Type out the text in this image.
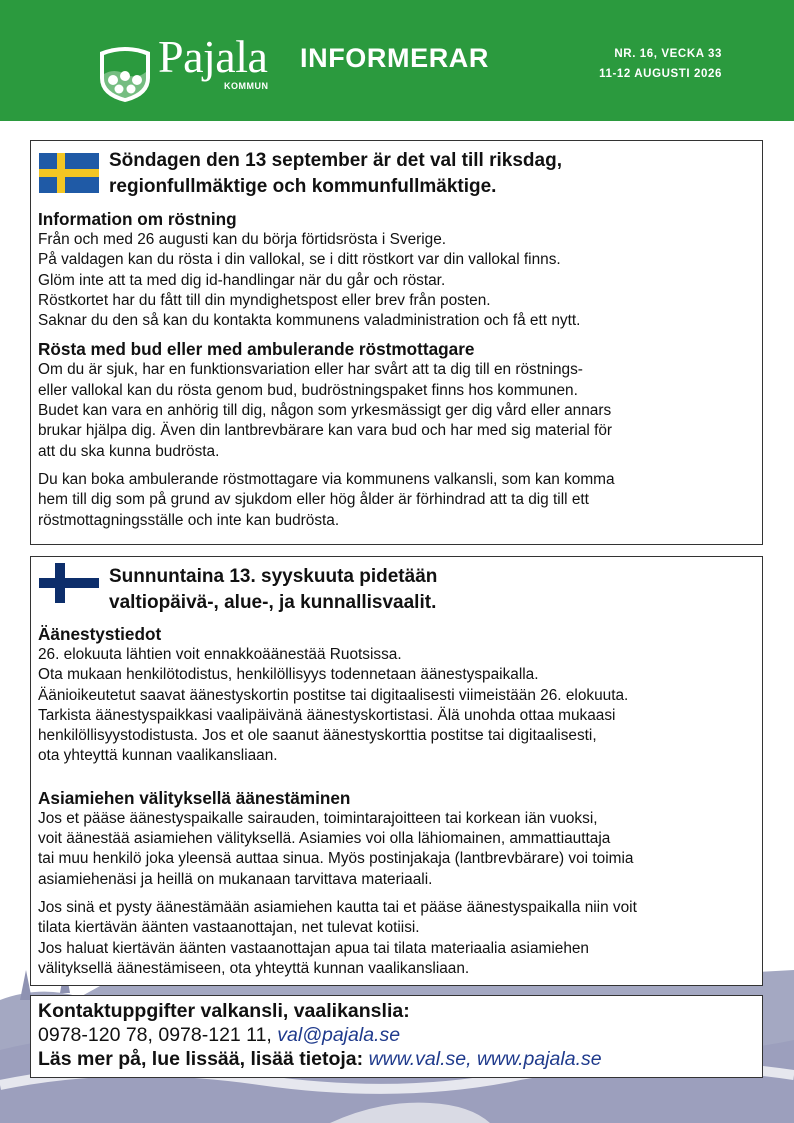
Pajala
KOMMUN
INFORMERAR	NR. 16, VECKA 33
11-12 AUGUSTI 2026
Söndagen den 13 september är det val till riksdag,
regionfullmäktige och kommunfullmäktige.
Information om röstning

Från och med 26 augusti kan du börja förtidsrösta i Sverige.

På valdagen kan du rösta i din vallokal, se i ditt röstkort var din vallokal finns.

Glöm inte att ta med dig id-handlingar när du går och röstar.

Röstkortet har du fått till din myndighetspost eller brev från posten.

Saknar du den så kan du kontakta kommunens valadministration och få ett nytt.

Rösta med bud eller med ambulerande röstmottagare

Om du är sjuk, har en funktionsvariation eller har svårt att ta dig till en röstnings-

eller vallokal kan du rösta genom bud, budröstningspaket finns hos kommunen.

Budet kan vara en anhörig till dig, någon som yrkesmässigt ger dig vård eller annars

brukar hjälpa dig. Även din lantbrevbärare kan vara bud och har med sig material för

att du ska kunna budrösta.

Du kan boka ambulerande röstmottagare via kommunens valkansli, som kan komma

hem till dig som på grund av sjukdom eller hög ålder är förhindrad att ta dig till ett

röstmottagningsställe och inte kan budrösta.

Sunnuntaina 13. syyskuuta pidetään
valtiopäivä-, alue-, ja kunnallisvaalit.
Äänestystiedot

26. elokuuta lähtien voit ennakkoäänestää Ruotsissa.

Ota mukaan henkilötodistus, henkilöllisyys todennetaan äänestyspaikalla.

Äänioikeutetut saavat äänestyskortin postitse tai digitaalisesti viimeistään 26. elokuuta.

Tarkista äänestyspaikkasi vaalipäivänä äänestyskortistasi. Älä unohda ottaa mukaasi

henkilöllisyystodistusta. Jos et ole saanut äänestyskorttia postitse tai digitaalisesti,

ota yhteyttä kunnan vaalikansliaan.

Asiamiehen välityksellä äänestäminen

Jos et pääse äänestyspaikalle sairauden, toimintarajoitteen tai korkean iän vuoksi,

voit äänestää asiamiehen välityksellä. Asiamies voi olla lähiomainen, ammattiauttaja

tai muu henkilö joka yleensä auttaa sinua. Myös postinjakaja (lantbrevbärare) voi toimia

asiamiehenäsi ja heillä on mukanaan tarvittava materiaali.

Jos sinä et pysty äänestämään asiamiehen kautta tai et pääse äänestyspaikalla niin voit

tilata kiertävän äänten vastaanottajan, net tulevat kotiisi.

Jos haluat kiertävän äänten vastaanottajan apua tai tilata materiaalia asiamiehen

välityksellä äänestämiseen, ota yhteyttä kunnan vaalikansliaan.

Kontaktuppgifter valkansli, vaalikanslia:
0978-120 78, 0978-121 11, val@pajala.se
Läs mer på, lue lissää, lisää tietoja: www.val.se, www.pajala.se
